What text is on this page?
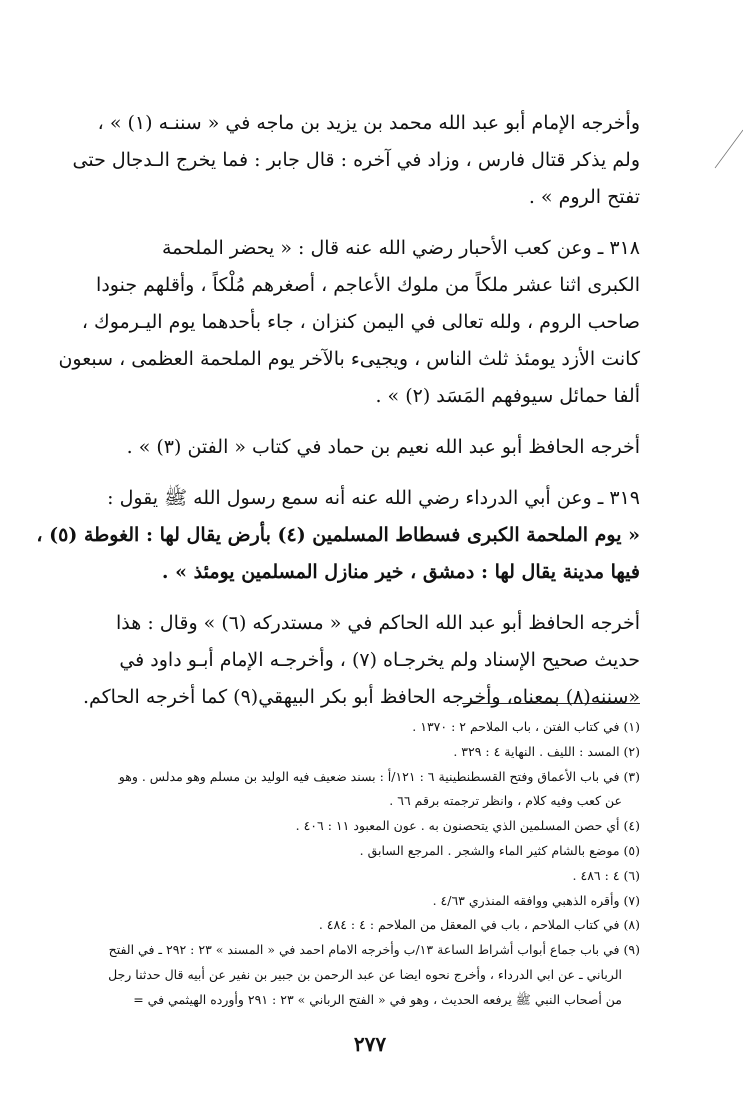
وأخرجه الإمام أبو عبد الله محمد بن يزيد بن ماجه في « سننـه (١) » ،
ولم يذكر قتال فارس ، وزاد في آخره : قال جابر : فما يخرج الـدجال حتى
تفتح الروم » .

٣١٨ ـ وعن كعب الأحبار رضي الله عنه قال : « يحضر الملحمة
الكبرى اثنا عشر ملكاً من ملوك الأعاجم ، أصغرهم مُلْكاً ، وأقلهم جنودا
صاحب الروم ، ولله تعالى في اليمن كنزان ، جاء بأحدهما يوم اليـرموك ،
كانت الأزد يومئذ ثلث الناس ، ويجيىء بالآخر يوم الملحمة العظمى ، سبعون
ألفا حمائل سيوفهم المَسَد (٢) » .

أخرجه الحافظ أبو عبد الله نعيم بن حماد في كتاب « الفتن (٣) » .

٣١٩ ـ وعن أبي الدرداء رضي الله عنه أنه سمع رسول الله ﷺ يقول :
« يوم الملحمة الكبرى فسطاط المسلمين (٤) بأرض يقال لها : الغوطة (٥) ،
فيها مدينة يقال لها : دمشق ، خير منازل المسلمين يومئذ » .

أخرجه الحافظ أبو عبد الله الحاكم في « مستدركه (٦) » وقال : هذا
حديث صحيح الإسناد ولم يخرجـاه (٧) ، وأخرجـه الإمام أبـو داود في
«سننه(٨) بمعناه، وأخرجه الحافظ أبو بكر البيهقي(٩) كما أخرجه الحاكم.

(١) في كتاب الفتن ، باب الملاحم ٢ : ١٣٧٠ .
(٢) المسد : الليف . النهاية ٤ : ٣٢٩ .
(٣) في باب الأعماق وفتح القسطنطينية ٦ : ١٢١/أ : بسند ضعيف فيه الوليد بن مسلم وهو مدلس . وهو
عن كعب وفيه كلام ، وانظر ترجمته برقم ٦٦ .
(٤) أي حصن المسلمين الذي يتحصنون به . عون المعبود ١١ : ٤٠٦ .
(٥) موضع بالشام كثير الماء والشجر . المرجع السابق .
(٦) ٤ : ٤٨٦ .
(٧) وأقره الذهبي ووافقه المنذري ٤/٦٣ .
(٨) في كتاب الملاحم ، باب في المعقل من الملاحم : ٤ : ٤٨٤ .
(٩) في باب جماع أبواب أشراط الساعة ١٣/ب وأخرجه الامام احمد في « المسند » ٢٣ : ٢٩٢ ـ في الفتح
الرباني ـ عن ابي الدرداء ، وأخرج نحوه ايضا عن عبد الرحمن بن جبير بن نفير عن أبيه قال حدثنا رجل
من أصحاب النبي ﷺ يرفعه الحديث ، وهو في « الفتح الرباني » ٢٣ : ٢٩١ وأورده الهيثمي في =
٢٧٧
